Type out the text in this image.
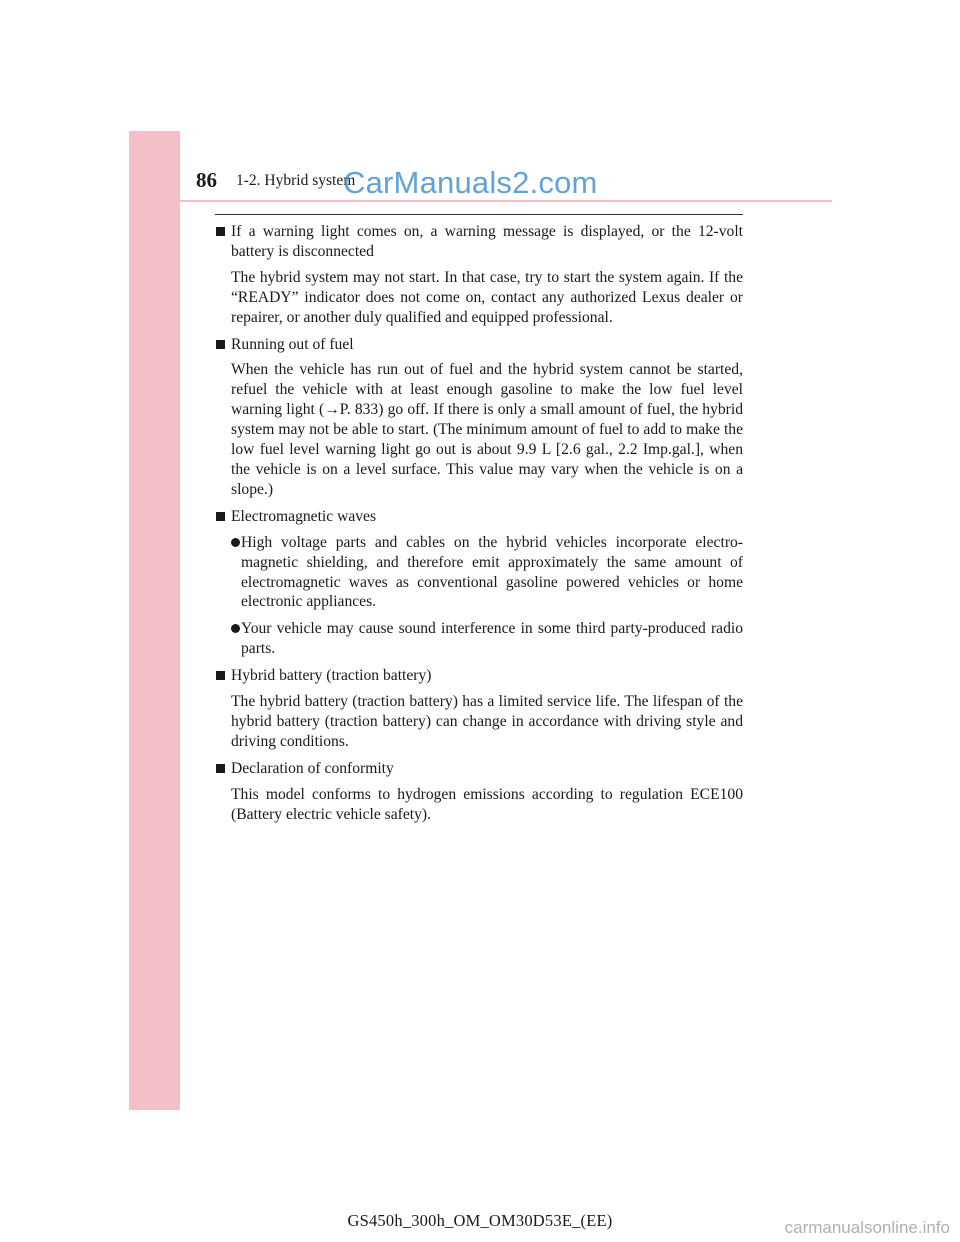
86 1-2. Hybrid system
CarManuals2.com
If a warning light comes on, a warning message is displayed, or the 12-volt battery is disconnected
The hybrid system may not start. In that case, try to start the system again. If the “READY” indicator does not come on, contact any authorized Lexus dealer or repairer, or another duly qualified and equipped professional.
Running out of fuel
When the vehicle has run out of fuel and the hybrid system cannot be started, refuel the vehicle with at least enough gasoline to make the low fuel level warning light (→P. 833) go off. If there is only a small amount of fuel, the hybrid system may not be able to start. (The minimum amount of fuel to add to make the low fuel level warning light go out is about 9.9 L [2.6 gal., 2.2 Imp.gal.], when the vehicle is on a level surface. This value may vary when the vehicle is on a slope.)
Electromagnetic waves
High voltage parts and cables on the hybrid vehicles incorporate electro-magnetic shielding, and therefore emit approximately the same amount of electromagnetic waves as conventional gasoline powered vehicles or home electronic appliances.
Your vehicle may cause sound interference in some third party-produced radio parts.
Hybrid battery (traction battery)
The hybrid battery (traction battery) has a limited service life. The lifespan of the hybrid battery (traction battery) can change in accordance with driving style and driving conditions.
Declaration of conformity
This model conforms to hydrogen emissions according to regulation ECE100 (Battery electric vehicle safety).
GS450h_300h_OM_OM30D53E_(EE)	carmanualsonline.info
